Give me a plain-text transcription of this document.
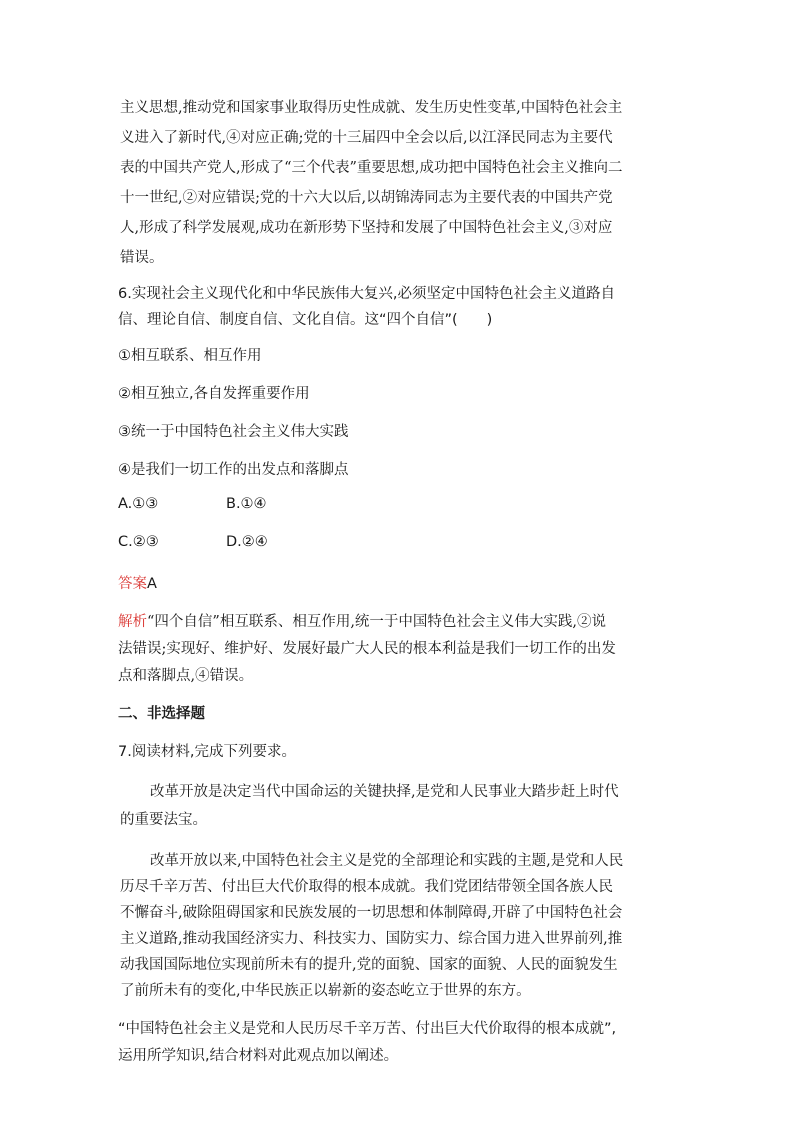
主义思想,推动党和国家事业取得历史性成就、发生历史性变革,中国特色社会主

义进入了新时代,④对应正确;党的十三届四中全会以后,以江泽民同志为主要代

表的中国共产党人,形成了“三个代表”重要思想,成功把中国特色社会主义推向二

十一世纪,②对应错误;党的十六大以后,以胡锦涛同志为主要代表的中国共产党

人,形成了科学发展观,成功在新形势下坚持和发展了中国特色社会主义,③对应

错误。

6.实现社会主义现代化和中华民族伟大复兴,必须坚定中国特色社会主义道路自

信、理论自信、制度自信、文化自信。这“四个自信”(　　)

①相互联系、相互作用

②相互独立,各自发挥重要作用

③统一于中国特色社会主义伟大实践

④是我们一切工作的出发点和落脚点

A.①③	B.①④

C.②③	D.②④

答案A

解析“四个自信”相互联系、相互作用,统一于中国特色社会主义伟大实践,②说

法错误;实现好、维护好、发展好最广大人民的根本利益是我们一切工作的出发

点和落脚点,④错误。

二、非选择题

7.阅读材料,完成下列要求。

改革开放是决定当代中国命运的关键抉择,是党和人民事业大踏步赶上时代

的重要法宝。

改革开放以来,中国特色社会主义是党的全部理论和实践的主题,是党和人民

历尽千辛万苦、付出巨大代价取得的根本成就。我们党团结带领全国各族人民

不懈奋斗,破除阻碍国家和民族发展的一切思想和体制障碍,开辟了中国特色社会

主义道路,推动我国经济实力、科技实力、国防实力、综合国力进入世界前列,推

动我国国际地位实现前所未有的提升,党的面貌、国家的面貌、人民的面貌发生

了前所未有的变化,中华民族正以崭新的姿态屹立于世界的东方。

“中国特色社会主义是党和人民历尽千辛万苦、付出巨大代价取得的根本成就”,

运用所学知识,结合材料对此观点加以阐述。
